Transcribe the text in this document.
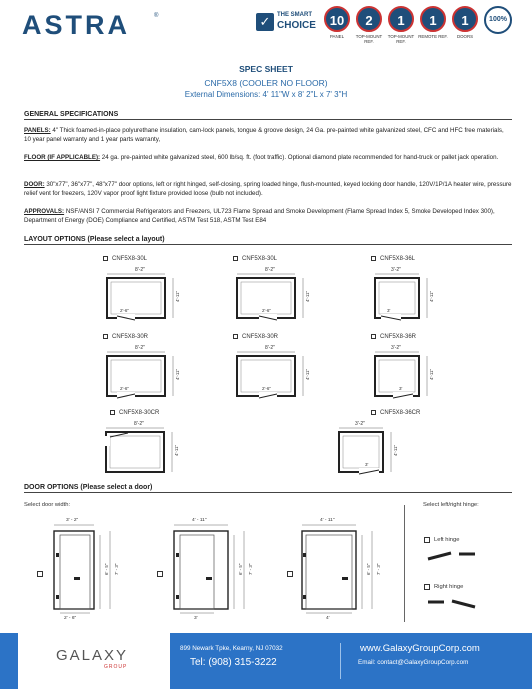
ASTRA	®	✓	THE SMART
CHOICE	10
PANEL
2
TOP-MOUNT REF.
1
TOP-MOUNT REF.
1
REMOTE REF.
1
DOORS
100%
SPEC SHEET
CNF5X8 (COOLER NO FLOOR)
External Dimensions: 4' 11"W x 8' 2"L x 7' 3"H
GENERAL SPECIFICATIONS
PANELS: 4" Thick foamed-in-place polyurethane insulation, cam-lock panels, tongue & groove design, 24 Ga. pre-painted white galvanized steel, CFC and HFC free materials, 10 year panel warranty and 1 year parts warranty,
FLOOR (IF APPLICABLE): 24 ga. pre-painted white galvanized steel, 600 lb/sq. ft. (foot traffic). Optional diamond plate recommended for hand-truck or pallet jack operation.
DOOR: 30"x77", 36"x77", 48"x77" door options, left or right hinged, self-closing, spring loaded hinge, flush-mounted, keyed locking door handle, 120V/1P/1A heater wire, pressure relief vent for freezers, 120V vapor proof light fixture provided loose (bulb not included).
APPROVALS: NSF/ANSI 7 Commercial Refrigerators and Freezers, UL723 Flame Spread and Smoke Development (Flame Spread Index 5, Smoke Developed Index 300), Department of Energy (DOE) Compliance and Certified, ASTM Test 518, ASTM Test E84
LAYOUT OPTIONS (Please select a layout)
CNF5X8-30L
8'-2"
2'-6"
4'-11"
CNF5X8-30L
8'-2"
2'-6"
4'-11"
CNF5X8-36L
3'-2"
3'
4'-11"
CNF5X8-30R
8'-2"
2'-6"
4'-11"
CNF5X8-30R
8'-2"
2'-6"
4'-11"
CNF5X8-36R
3'-2"
3'
4'-11"
CNF5X8-30CR
8'-2"
4'-11"
CNF5X8-36CR
3'-2"
3'
4'-11"
DOOR OPTIONS (Please select a door)
Select door width:	Select left/right hinge:
3' - 2"
2' - 6"
6' - 5" 7' - 3"
4' - 11"
3'
6' - 5" 7' - 3"
4' - 11"
4'
6' - 5" 7' - 3"
Left hinge
Right hinge
GALAXY
GROUP
899 Newark Tpke, Kearny, NJ 07032
Tel: (908) 315-3222
www.GalaxyGroupCorp.com
Email: contact@GalaxyGroupCorp.com
